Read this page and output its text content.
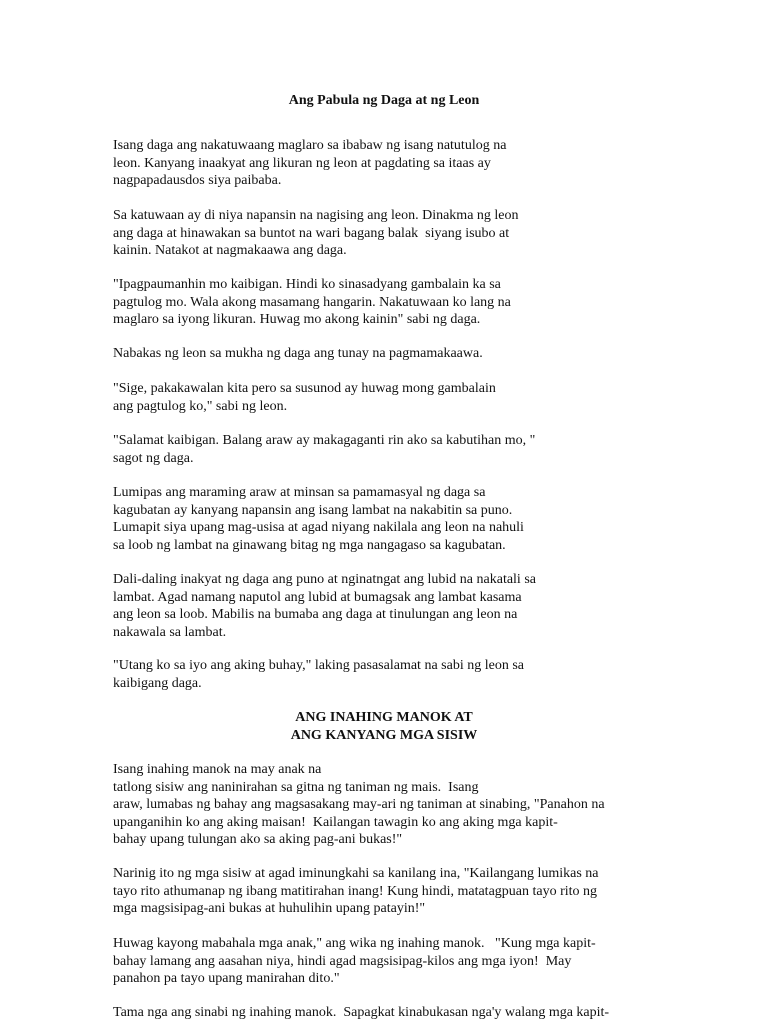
Ang Pabula ng Daga at ng Leon

Isang daga ang nakatuwaang maglaro sa ibabaw ng isang natutulog na
leon. Kanyang inaakyat ang likuran ng leon at pagdating sa itaas ay
nagpapadausdos siya paibaba.

Sa katuwaan ay di niya napansin na nagising ang leon. Dinakma ng leon
ang daga at hinawakan sa buntot na wari bagang balak  siyang isubo at
kainin. Natakot at nagmakaawa ang daga.

"Ipagpaumanhin mo kaibigan. Hindi ko sinasadyang gambalain ka sa
pagtulog mo. Wala akong masamang hangarin. Nakatuwaan ko lang na
maglaro sa iyong likuran. Huwag mo akong kainin" sabi ng daga.

Nabakas ng leon sa mukha ng daga ang tunay na pagmamakaawa.

"Sige, pakakawalan kita pero sa susunod ay huwag mong gambalain
ang pagtulog ko," sabi ng leon.

"Salamat kaibigan. Balang araw ay makagaganti rin ako sa kabutihan mo, "
sagot ng daga.

Lumipas ang maraming araw at minsan sa pamamasyal ng daga sa
kagubatan ay kanyang napansin ang isang lambat na nakabitin sa puno.
Lumapit siya upang mag-usisa at agad niyang nakilala ang leon na nahuli
sa loob ng lambat na ginawang bitag ng mga nangagaso sa kagubatan.

Dali-daling inakyat ng daga ang puno at nginatngat ang lubid na nakatali sa
lambat. Agad namang naputol ang lubid at bumagsak ang lambat kasama
ang leon sa loob. Mabilis na bumaba ang daga at tinulungan ang leon na
nakawala sa lambat.

"Utang ko sa iyo ang aking buhay," laking pasasalamat na sabi ng leon sa
kaibigang daga.

ANG INAHING MANOK AT
ANG KANYANG MGA SISIW

Isang inahing manok na may anak na
tatlong sisiw ang naninirahan sa gitna ng taniman ng mais.  Isang
araw, lumabas ng bahay ang magsasakang may-ari ng taniman at sinabing, "Panahon na
upanganihin ko ang aking maisan!  Kailangan tawagin ko ang aking mga kapit-
bahay upang tulungan ako sa aking pag-ani bukas!"

Narinig ito ng mga sisiw at agad iminungkahi sa kanilang ina, "Kailangang lumikas na
tayo rito athumanap ng ibang matitirahan inang! Kung hindi, matatagpuan tayo rito ng
mga magsisipag-ani bukas at huhulihin upang patayin!"

Huwag kayong mabahala mga anak," ang wika ng inahing manok.   "Kung mga kapit-
bahay lamang ang aasahan niya, hindi agad magsisipag-kilos ang mga iyon!  May
panahon pa tayo upang manirahan dito."

Tama nga ang sinabi ng inahing manok.  Sapagkat kinabukasan nga'y walang mga kapit-
